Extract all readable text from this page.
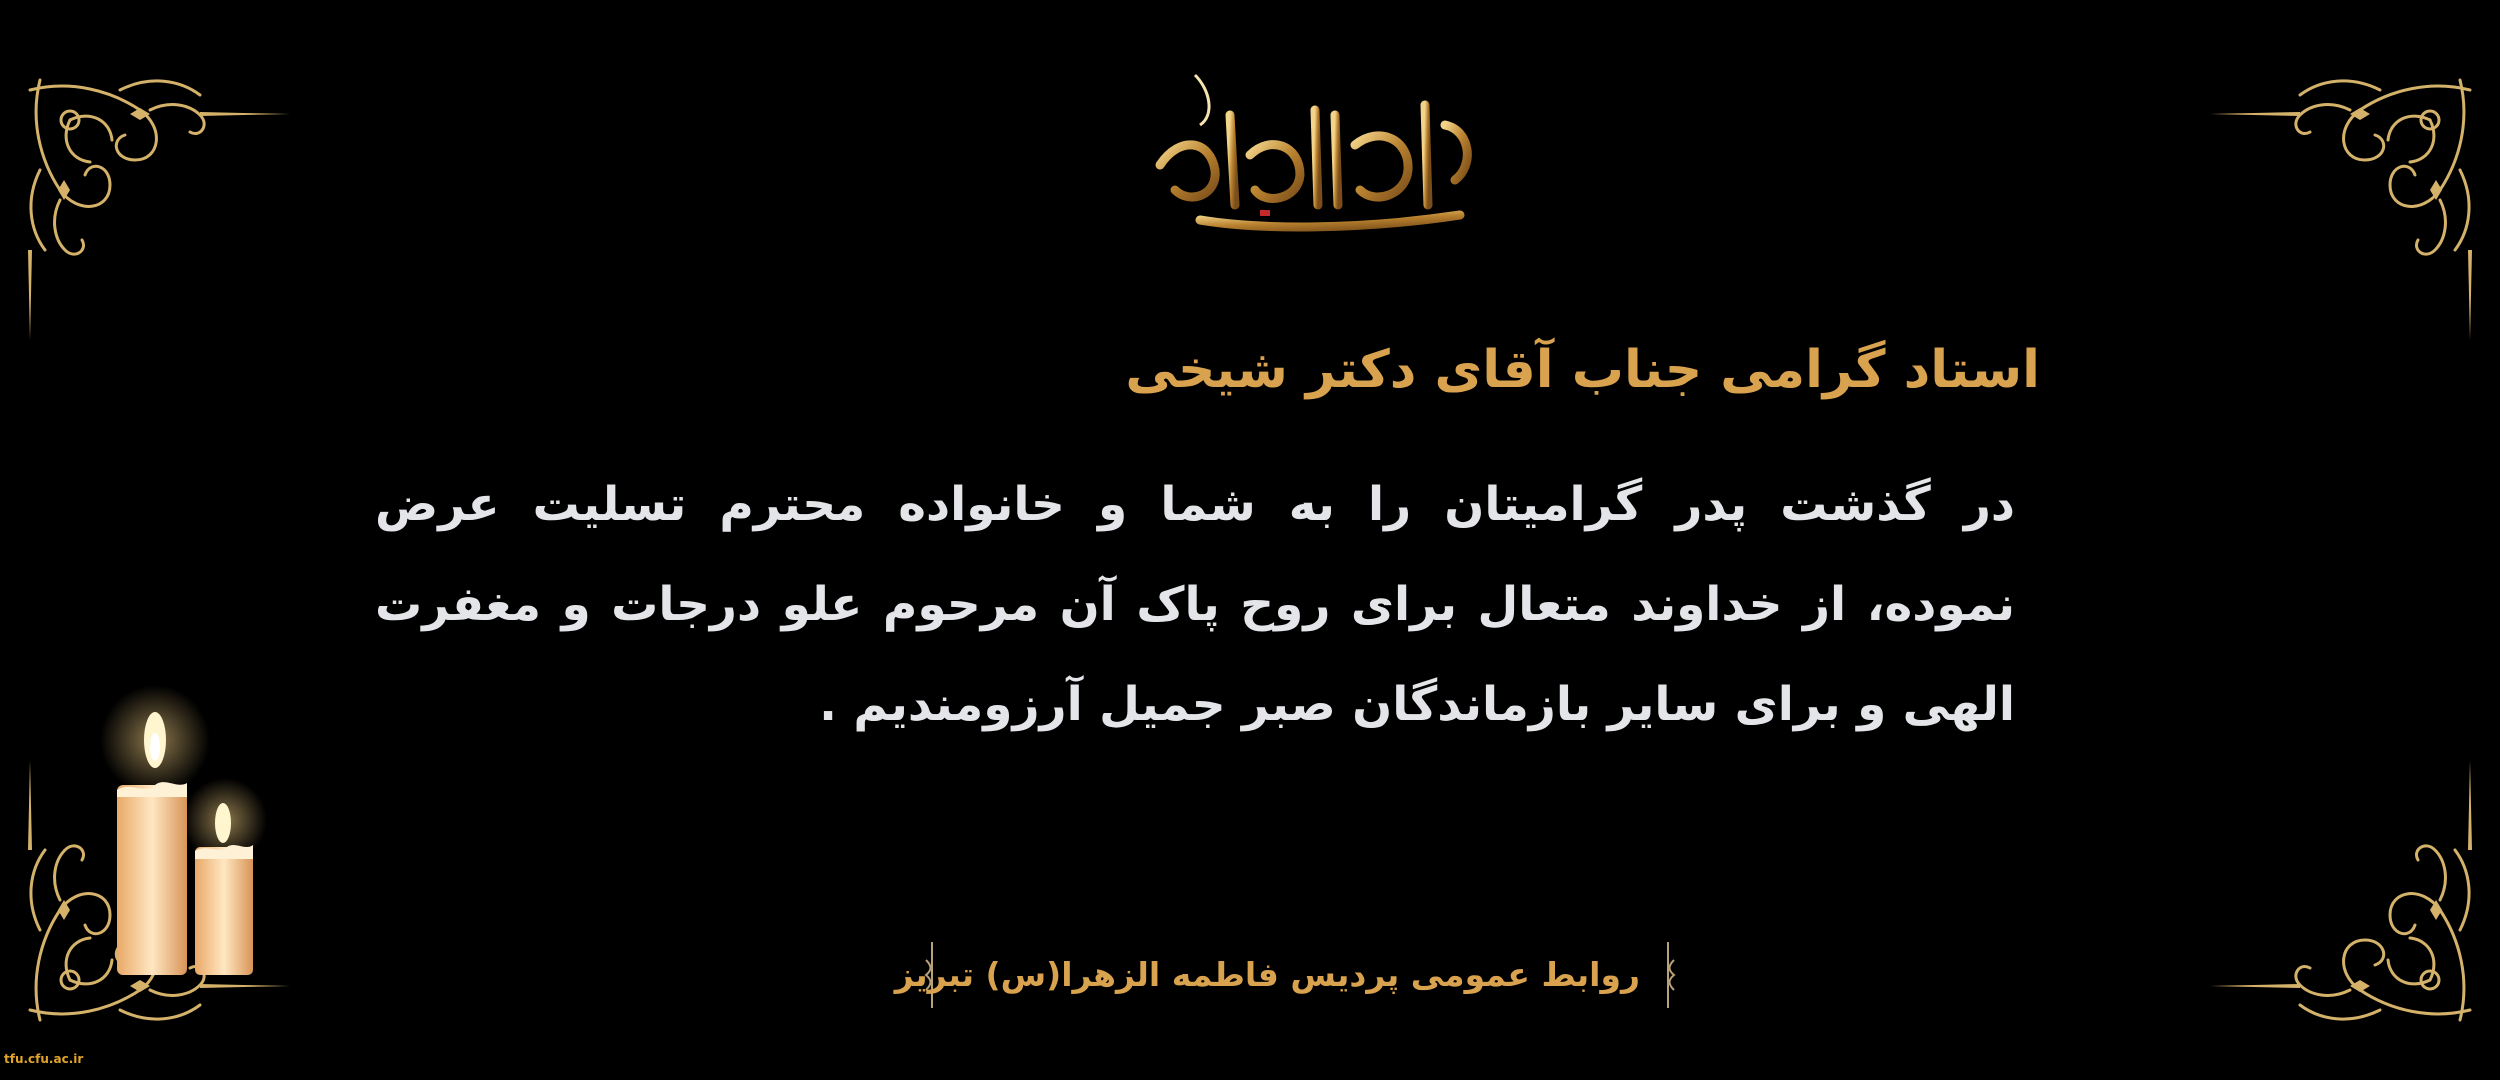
استاد گرامی جناب آقای دکتر شیخی
در گذشت پدر گرامیتان را به شما و خانواده محترم تسلیت عرض
نموده، از خداوند متعال برای روح پاک آن مرحوم علو درجات و مغفرت
الهی و برای سایر بازماندگان صبر جمیل آرزومندیم .
روابط عمومی پردیس فاطمه الزهرا(س) تبریز
tfu.cfu.ac.ir
